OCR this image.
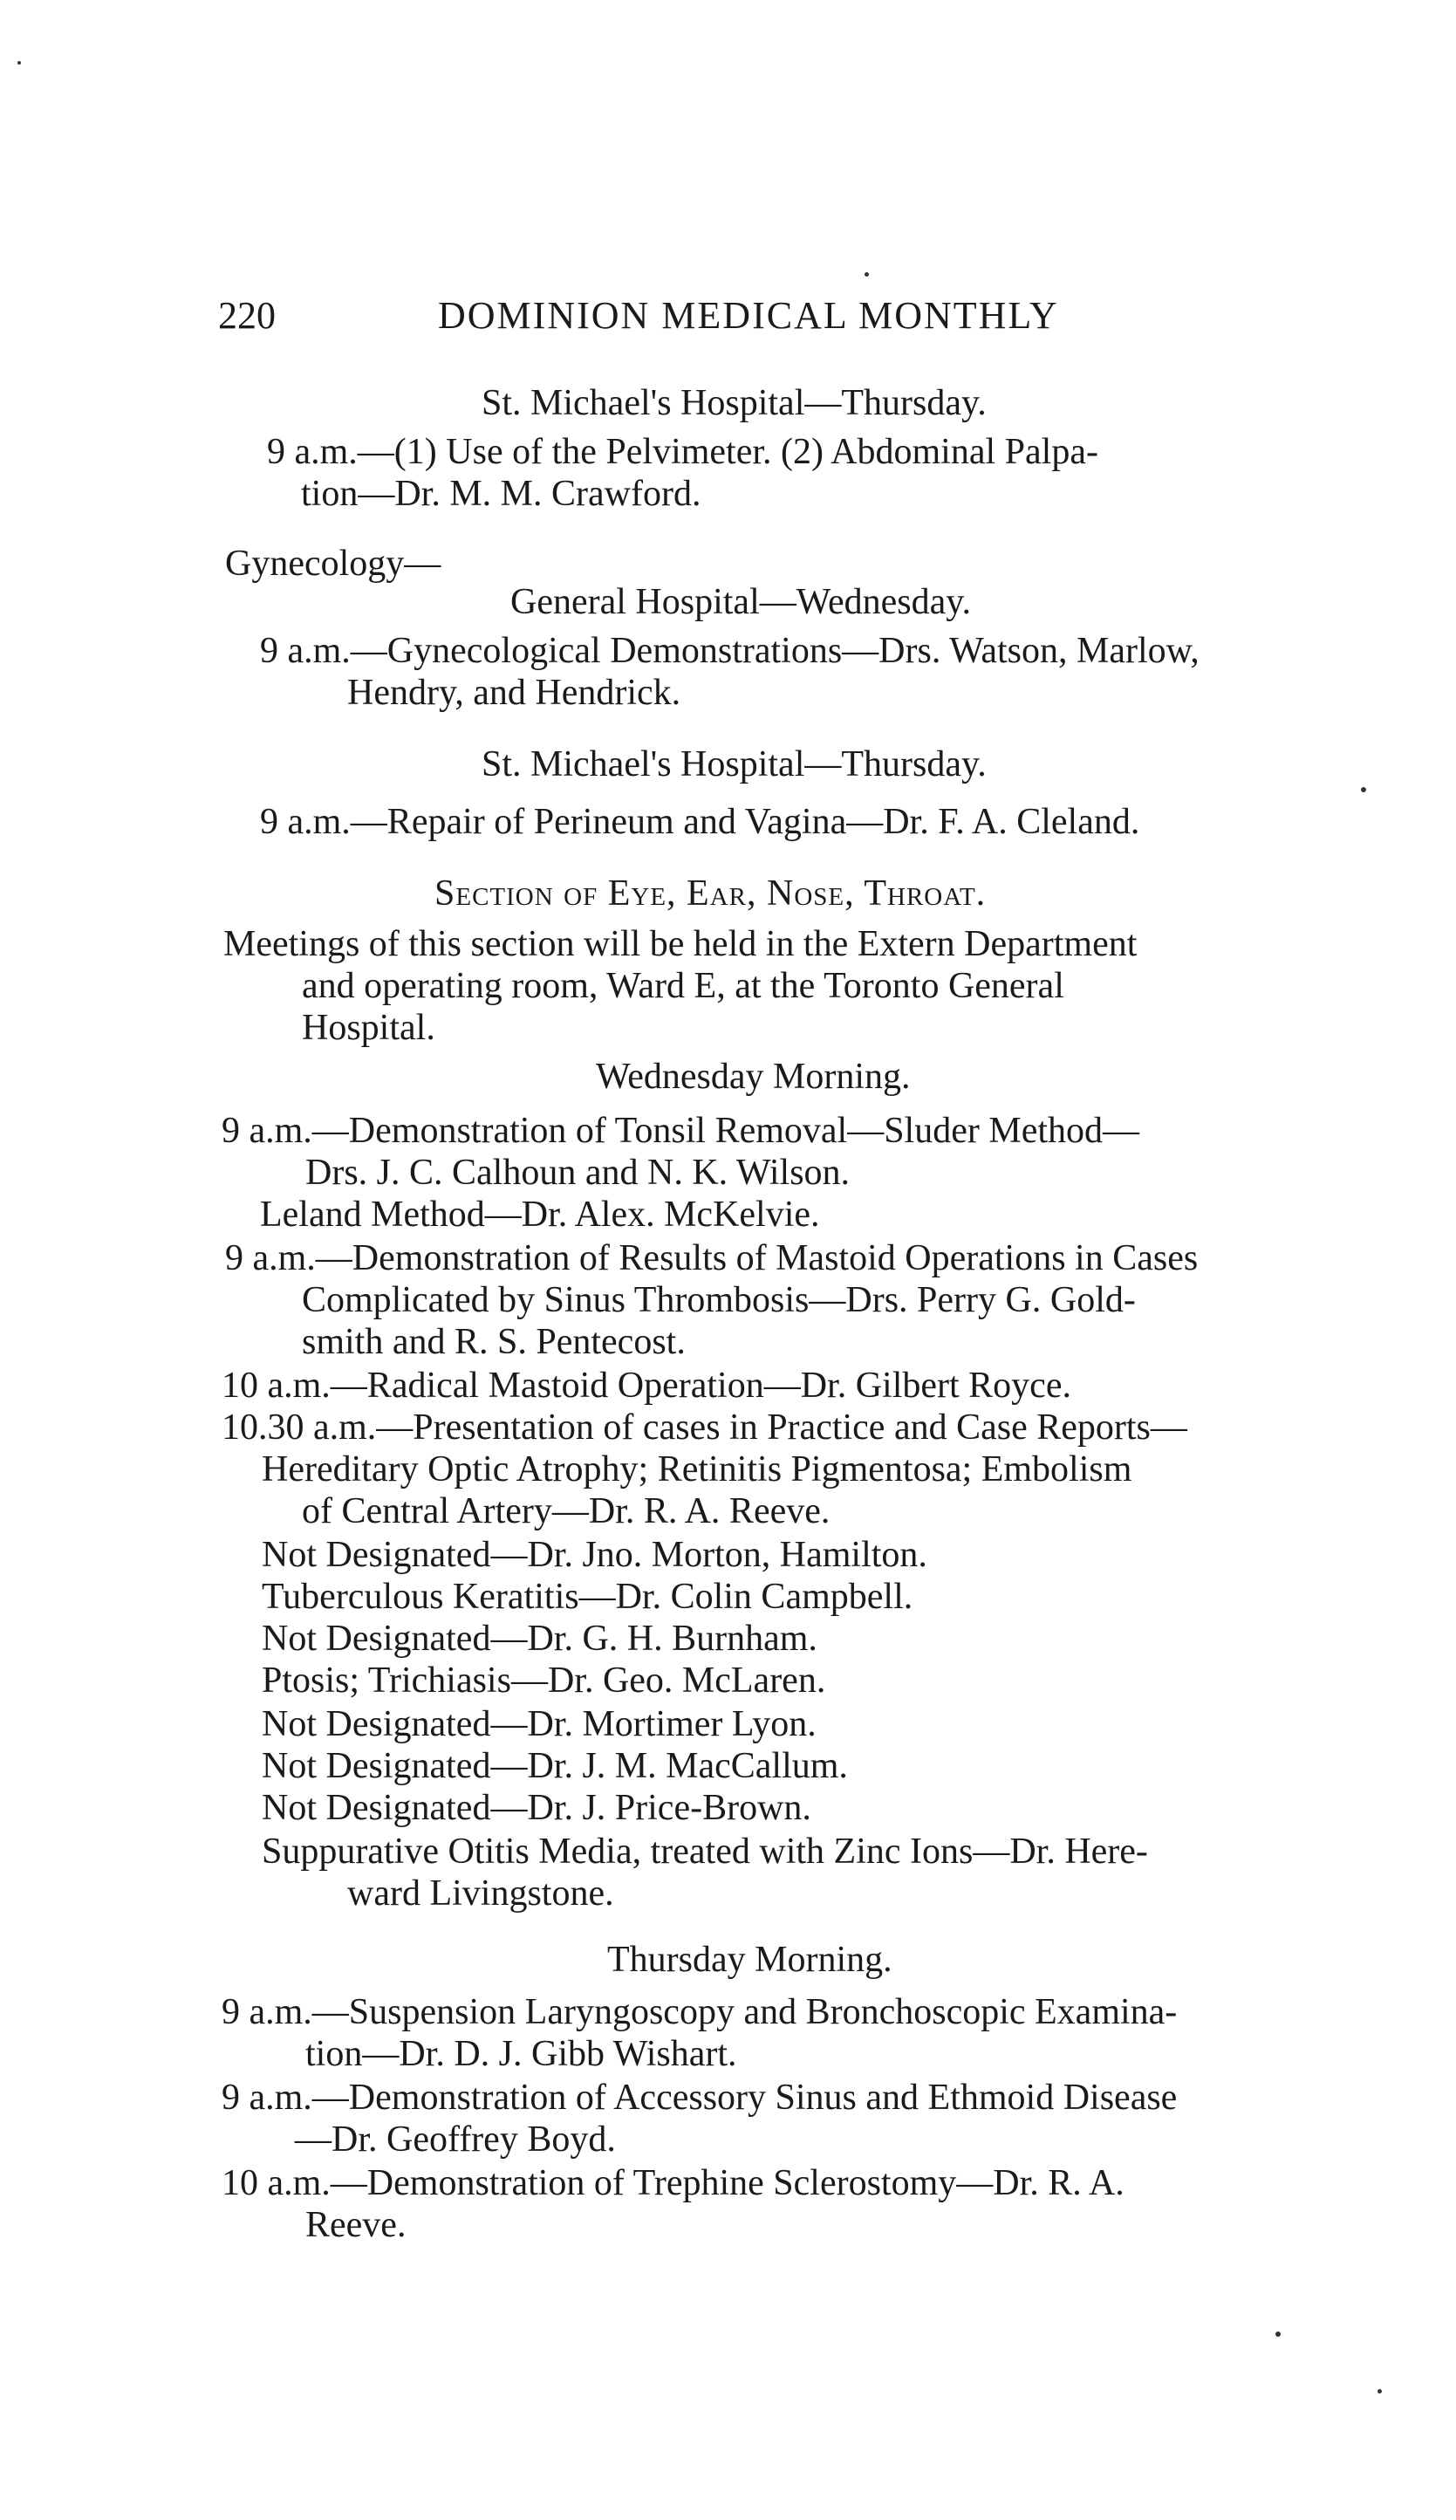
220	DOMINION MEDICAL MONTHLY
St. Michael's Hospital—Thursday.
9 a.m.—(1) Use of the Pelvimeter. (2) Abdominal Palpa-
tion—Dr. M. M. Crawford.
Gynecology—
General Hospital—Wednesday.
9 a.m.—Gynecological Demonstrations—Drs. Watson, Marlow,
Hendry, and Hendrick.
St. Michael's Hospital—Thursday.
9 a.m.—Repair of Perineum and Vagina—Dr. F. A. Cleland.
Section of Eye, Ear, Nose, Throat.
Meetings of this section will be held in the Extern Department
and operating room, Ward E, at the Toronto General
Hospital.
Wednesday Morning.
9 a.m.—Demonstration of Tonsil Removal—Sluder Method—
Drs. J. C. Calhoun and N. K. Wilson.
Leland Method—Dr. Alex. McKelvie.
9 a.m.—Demonstration of Results of Mastoid Operations in Cases
Complicated by Sinus Thrombosis—Drs. Perry G. Gold-
smith and R. S. Pentecost.
10 a.m.—Radical Mastoid Operation—Dr. Gilbert Royce.
10.30 a.m.—Presentation of cases in Practice and Case Reports—
Hereditary Optic Atrophy; Retinitis Pigmentosa; Embolism
of Central Artery—Dr. R. A. Reeve.
Not Designated—Dr. Jno. Morton, Hamilton.
Tuberculous Keratitis—Dr. Colin Campbell.
Not Designated—Dr. G. H. Burnham.
Ptosis; Trichiasis—Dr. Geo. McLaren.
Not Designated—Dr. Mortimer Lyon.
Not Designated—Dr. J. M. MacCallum.
Not Designated—Dr. J. Price-Brown.
Suppurative Otitis Media, treated with Zinc Ions—Dr. Here-
ward Livingstone.
Thursday Morning.
9 a.m.—Suspension Laryngoscopy and Bronchoscopic Examina-
tion—Dr. D. J. Gibb Wishart.
9 a.m.—Demonstration of Accessory Sinus and Ethmoid Disease
—Dr. Geoffrey Boyd.
10 a.m.—Demonstration of Trephine Sclerostomy—Dr. R. A.
Reeve.
